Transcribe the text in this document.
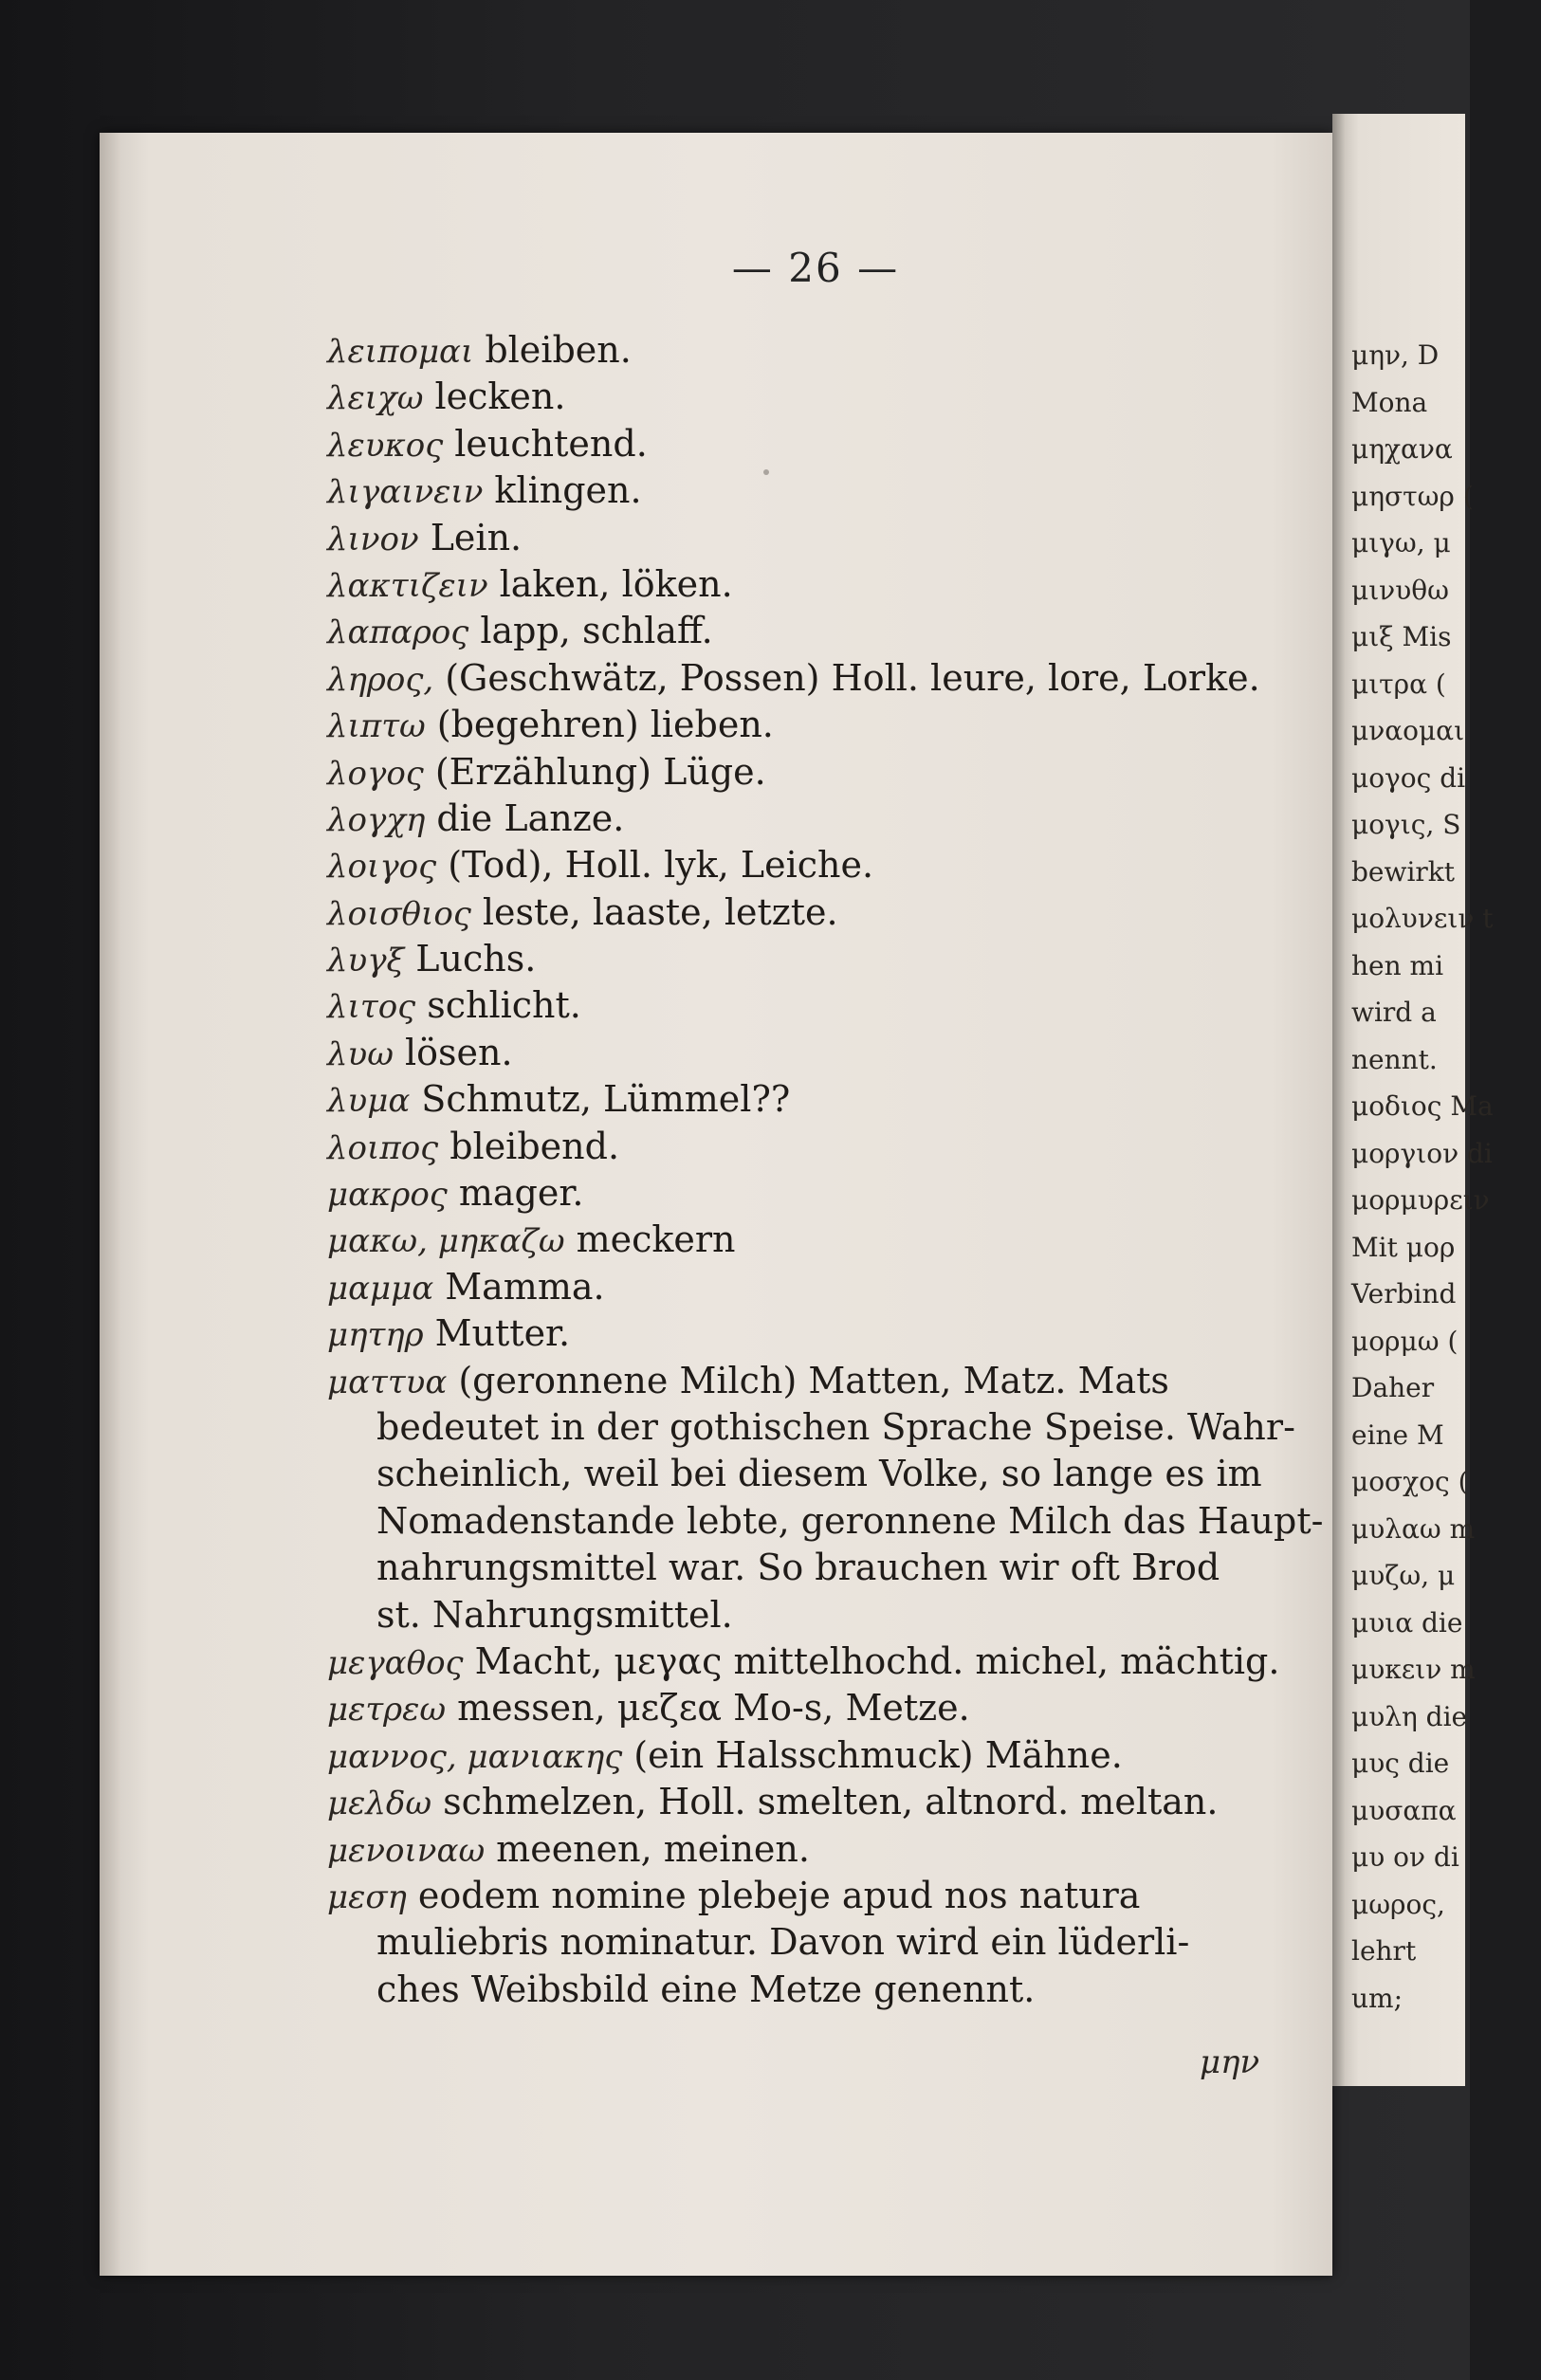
μην, D
Mona
μηχανα
μηστωρ (
μιγω, μ
μινυθω
μιξ Mis
μιτρα (
μναομαι
μογος di
μογις, S
bewirkt
μολυνειν t
hen mi
wird a
nennt.
μοδιος Ma
μοργιον di
μορμυρειν
Mit μορ
Verbind
μορμω (
Daher
eine M
μοσχος (
μυλαω m
μυζω, μ
μυια die
μυκειν m
μυλη die
μυς die
μυσαπα
μυ ον di
μωρος,
lehrt
um;
— 26 —
λειπομαι bleiben.
λειχω lecken.
λευκος leuchtend.
λιγαινειν klingen.
λινον Lein.
λακτιζειν laken, löken.
λαπαρος lapp, schlaff.
ληρος, (Geschwätz, Possen) Holl. leure, lore, Lorke.
λιπτω (begehren) lieben.
λογος (Erzählung) Lüge.
λογχη die Lanze.
λοιγος (Tod), Holl. lyk, Leiche.
λοισθιος leste, laaste, letzte.
λυγξ Luchs.
λιτος schlicht.
λυω lösen.
λυμα Schmutz, Lümmel??
λοιπος bleibend.
μακρος mager.
μακω, μηκαζω meckern
μαμμα Mamma.
μητηρ Mutter.
ματτυα (geronnene Milch) Matten, Matz. Mats
bedeutet in der gothischen Sprache Speise. Wahr-
scheinlich, weil bei diesem Volke, so lange es im
Nomadenstande lebte, geronnene Milch das Haupt-
nahrungsmittel war. So brauchen wir oft Brod
st. Nahrungsmittel.
μεγαθος Macht, μεγας mittelhochd. michel, mächtig.
μετρεω messen, μεζεα Mo-s, Metze.
μαννος, μανιακης (ein Halsschmuck) Mähne.
μελδω schmelzen, Holl. smelten, altnord. meltan.
μενοιναω meenen, meinen.
μεση eodem nomine plebeje apud nos natura
muliebris nominatur. Davon wird ein lüderli-
ches Weibsbild eine Metze genennt.
μην
